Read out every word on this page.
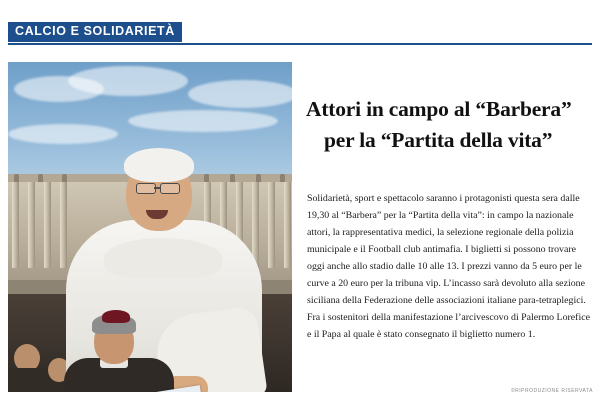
CALCIO E SOLIDARIETÀ
Attori in campo al “Barbera”
per la “Partita della vita”
Solidarietà, sport e spettacolo saranno i protagonisti questa sera dalle 19,30 al “Barbera” per la “Partita della vita”: in campo la nazionale attori, la rappresentativa medici, la selezione regionale della polizia municipale e il Football club antimafia. I biglietti si possono trovare oggi anche allo stadio dalle 10 alle 13. I prezzi vanno da 5 euro per le curve a 20 euro per la tribuna vip. L’incasso sarà devoluto alla sezione siciliana della Federazione delle associazioni italiane para-tetraplegici. Fra i sostenitori della manifestazione l’arcivescovo di Palermo Lorefice e il Papa al quale è stato consegnato il biglietto numero 1.
©RIPRODUZIONE RISERVATA
